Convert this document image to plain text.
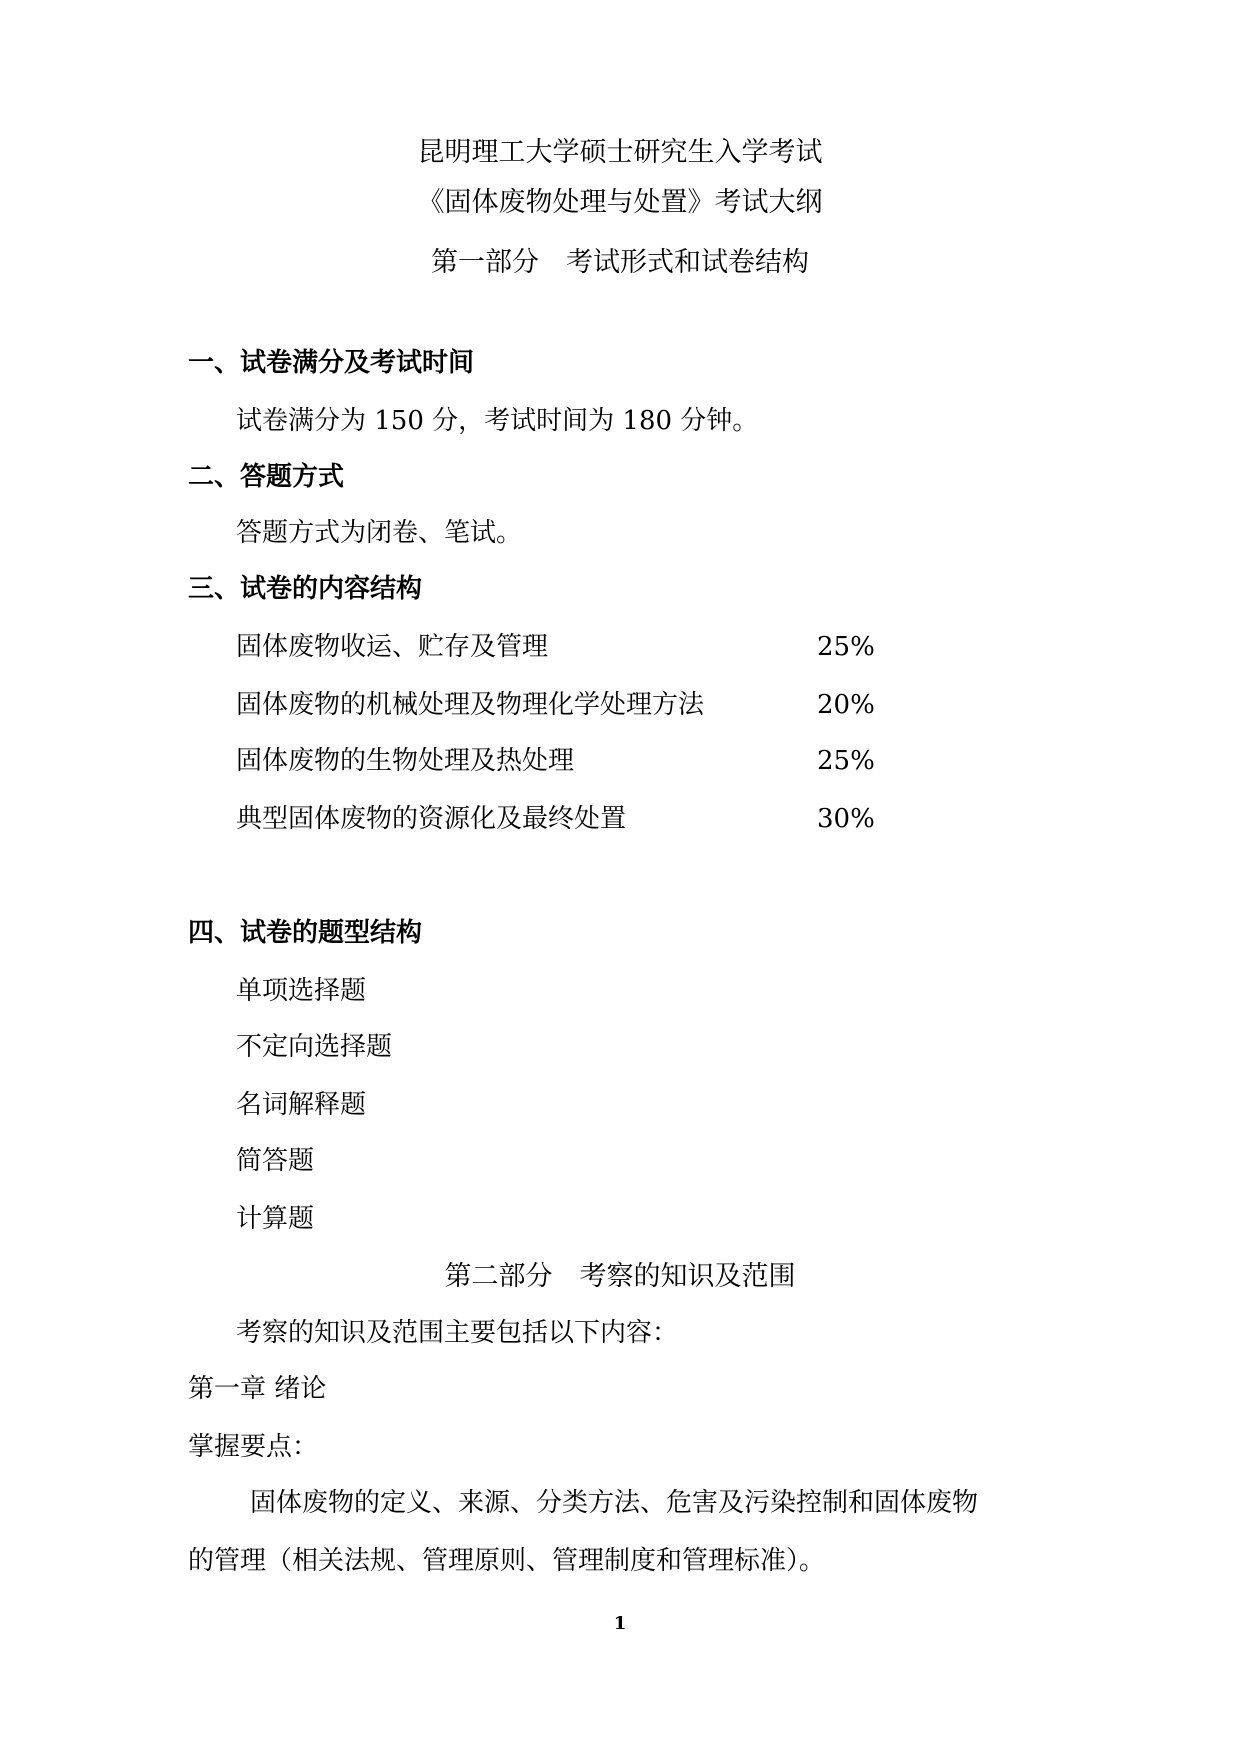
昆明理工大学硕士研究生入学考试
《固体废物处理与处置》考试大纲
第一部分　考试形式和试卷结构
一、试卷满分及考试时间
试卷满分为 150 分，考试时间为 180 分钟。
二、答题方式
答题方式为闭卷、笔试。
三、试卷的内容结构
固体废物收运、贮存及管理	25%
固体废物的机械处理及物理化学处理方法	20%
固体废物的生物处理及热处理	25%
典型固体废物的资源化及最终处置	30%
四、试卷的题型结构
单项选择题
不定向选择题
名词解释题
简答题
计算题
第二部分　考察的知识及范围
考察的知识及范围主要包括以下内容：
第一章 绪论
掌握要点：
固体废物的定义、来源、分类方法、危害及污染控制和固体废物
的管理（相关法规、管理原则、管理制度和管理标准）。
1
